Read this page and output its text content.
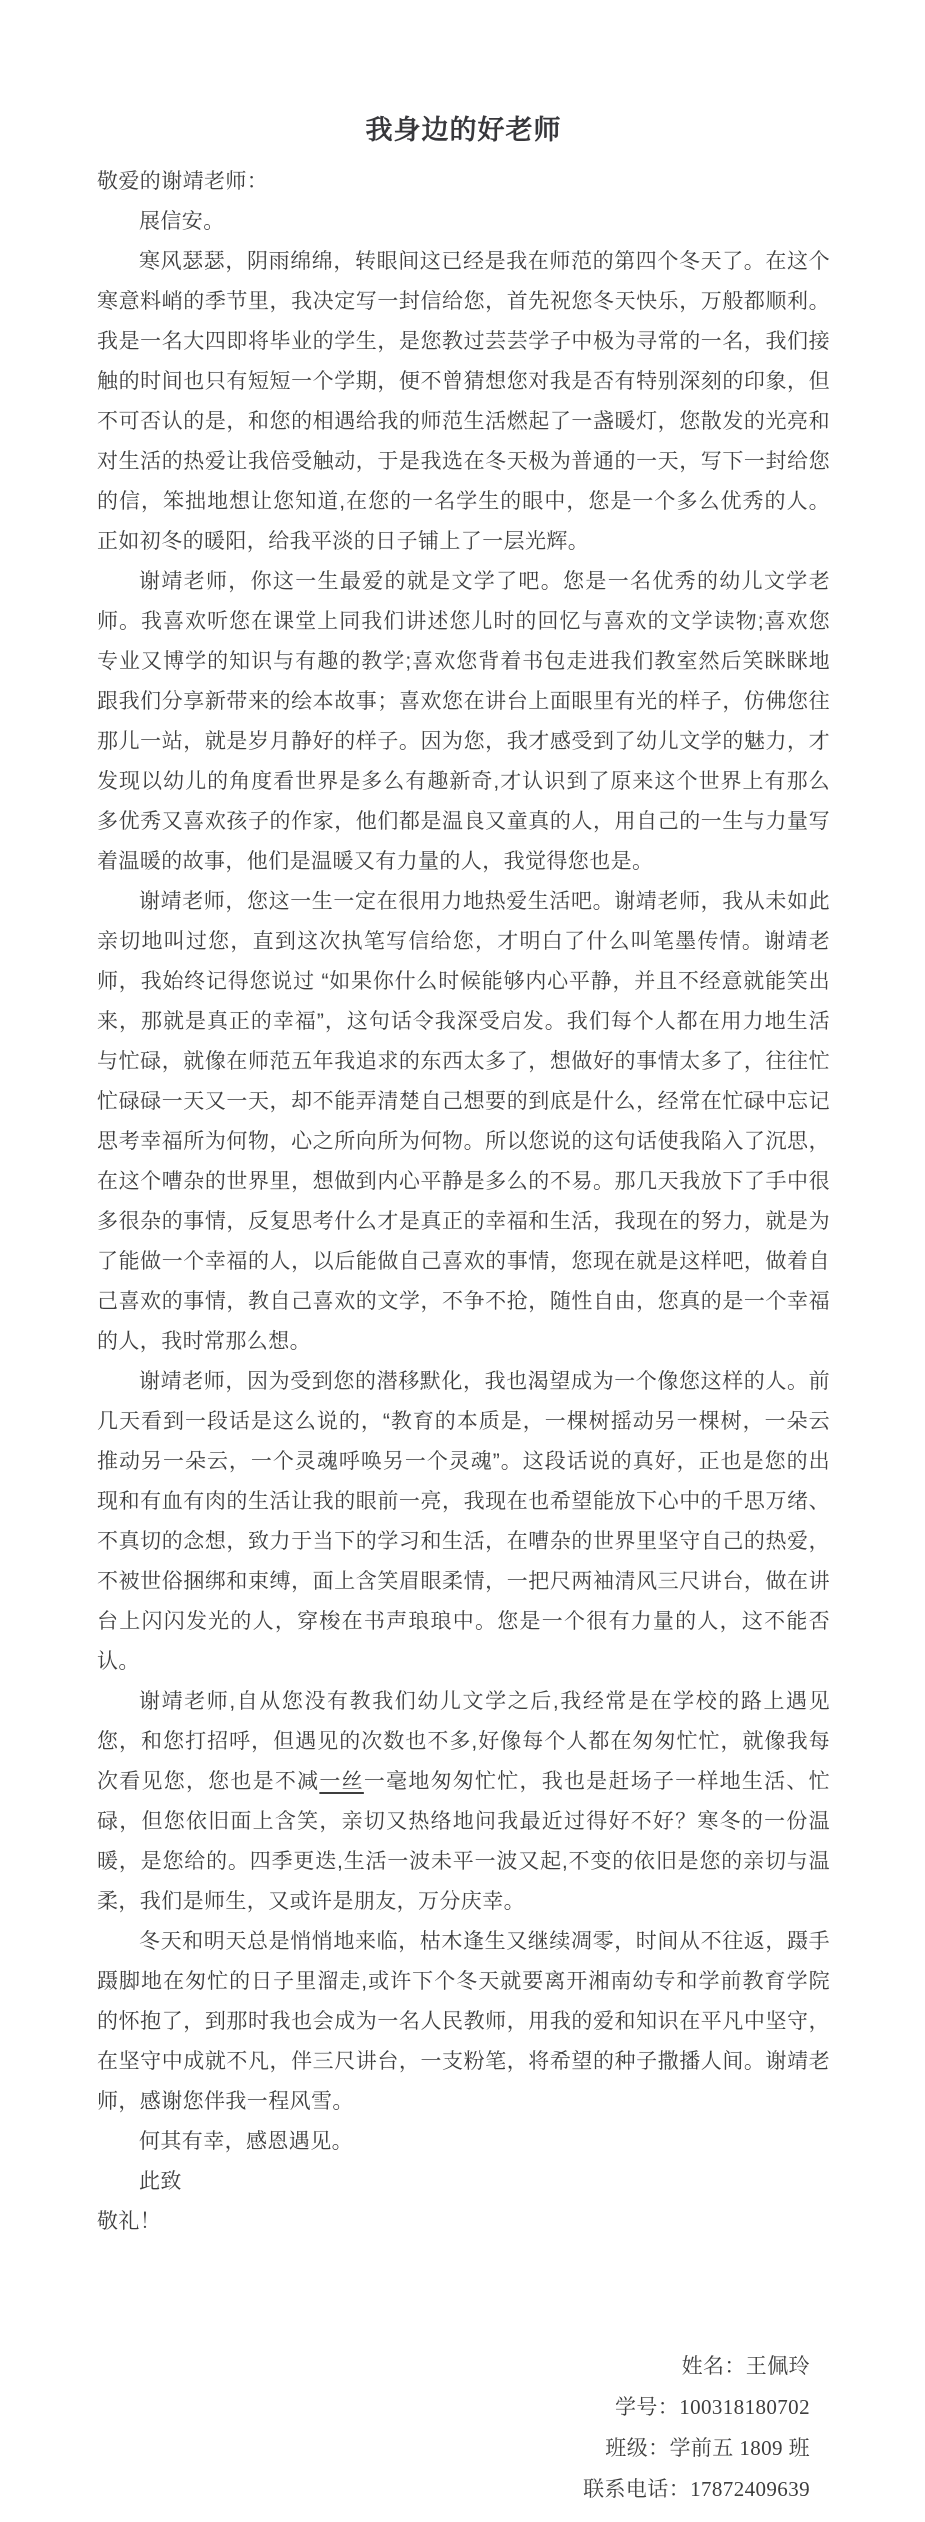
我身边的好老师

敬爱的谢靖老师：

展信安。

寒风瑟瑟，阴雨绵绵，转眼间这已经是我在师范的第四个冬天了。在这个寒意料峭的季节里，我决定写一封信给您，首先祝您冬天快乐，万般都顺利。我是一名大四即将毕业的学生，是您教过芸芸学子中极为寻常的一名，我们接触的时间也只有短短一个学期，便不曾猜想您对我是否有特别深刻的印象，但不可否认的是，和您的相遇给我的师范生活燃起了一盏暖灯，您散发的光亮和对生活的热爱让我倍受触动，于是我选在冬天极为普通的一天，写下一封给您的信，笨拙地想让您知道,在您的一名学生的眼中，您是一个多么优秀的人。正如初冬的暖阳，给我平淡的日子铺上了一层光辉。

谢靖老师，你这一生最爱的就是文学了吧。您是一名优秀的幼儿文学老师。我喜欢听您在课堂上同我们讲述您儿时的回忆与喜欢的文学读物;喜欢您专业又博学的知识与有趣的教学;喜欢您背着书包走进我们教室然后笑眯眯地跟我们分享新带来的绘本故事；喜欢您在讲台上面眼里有光的样子，仿佛您往那儿一站，就是岁月静好的样子。因为您，我才感受到了幼儿文学的魅力，才发现以幼儿的角度看世界是多么有趣新奇,才认识到了原来这个世界上有那么多优秀又喜欢孩子的作家，他们都是温良又童真的人，用自己的一生与力量写着温暖的故事，他们是温暖又有力量的人，我觉得您也是。

谢靖老师，您这一生一定在很用力地热爱生活吧。谢靖老师，我从未如此亲切地叫过您，直到这次执笔写信给您，才明白了什么叫笔墨传情。谢靖老师，我始终记得您说过 “如果你什么时候能够内心平静，并且不经意就能笑出来，那就是真正的幸福”，这句话令我深受启发。我们每个人都在用力地生活与忙碌，就像在师范五年我追求的东西太多了，想做好的事情太多了，往往忙忙碌碌一天又一天，却不能弄清楚自己想要的到底是什么，经常在忙碌中忘记思考幸福所为何物，心之所向所为何物。所以您说的这句话使我陷入了沉思，在这个嘈杂的世界里，想做到内心平静是多么的不易。那几天我放下了手中很多很杂的事情，反复思考什么才是真正的幸福和生活，我现在的努力，就是为了能做一个幸福的人，以后能做自己喜欢的事情，您现在就是这样吧，做着自己喜欢的事情，教自己喜欢的文学，不争不抢，随性自由，您真的是一个幸福的人，我时常那么想。

谢靖老师，因为受到您的潜移默化，我也渴望成为一个像您这样的人。前几天看到一段话是这么说的，“教育的本质是，一棵树摇动另一棵树，一朵云推动另一朵云，一个灵魂呼唤另一个灵魂”。这段话说的真好，正也是您的出现和有血有肉的生活让我的眼前一亮，我现在也希望能放下心中的千思万绪、不真切的念想，致力于当下的学习和生活，在嘈杂的世界里坚守自己的热爱，不被世俗捆绑和束缚，面上含笑眉眼柔情，一把尺两袖清风三尺讲台，做在讲台上闪闪发光的人，穿梭在书声琅琅中。您是一个很有力量的人，这不能否认。

谢靖老师,自从您没有教我们幼儿文学之后,我经常是在学校的路上遇见您，和您打招呼，但遇见的次数也不多,好像每个人都在匆匆忙忙，就像我每次看见您，您也是不减一丝一毫地匆匆忙忙，我也是赶场子一样地生活、忙碌，但您依旧面上含笑，亲切又热络地问我最近过得好不好？寒冬的一份温暖，是您给的。四季更迭,生活一波未平一波又起,不变的依旧是您的亲切与温柔，我们是师生，又或许是朋友，万分庆幸。

冬天和明天总是悄悄地来临，枯木逢生又继续凋零，时间从不往返，蹑手蹑脚地在匆忙的日子里溜走,或许下个冬天就要离开湘南幼专和学前教育学院的怀抱了，到那时我也会成为一名人民教师，用我的爱和知识在平凡中坚守，在坚守中成就不凡，伴三尺讲台，一支粉笔，将希望的种子撒播人间。谢靖老师，感谢您伴我一程风雪。

何其有幸，感恩遇见。

此致

敬礼！

姓名：王佩玲

学号：100318180702

班级：学前五 1809 班

联系电话：17872409639
